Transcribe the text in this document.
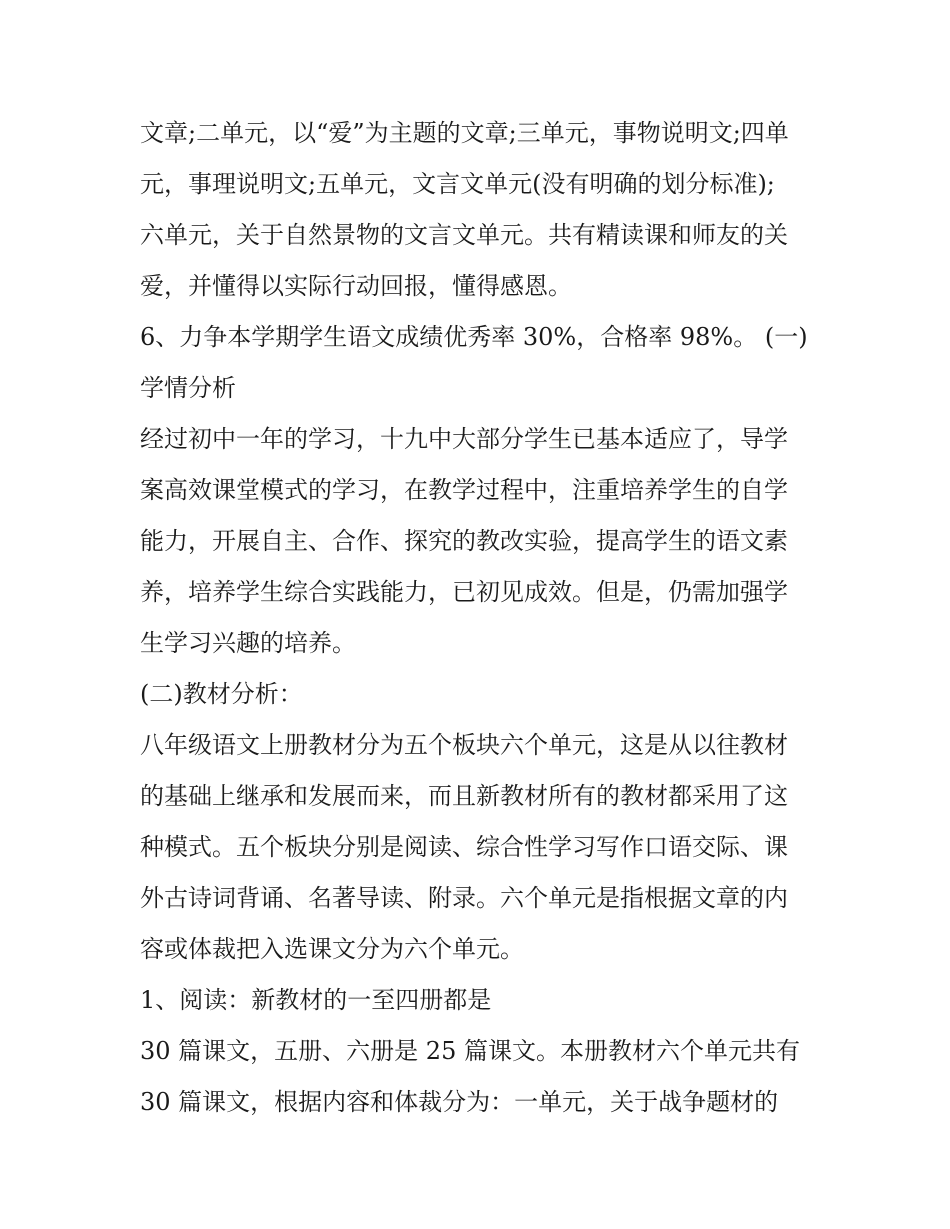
文章;二单元，以“爱”为主题的文章;三单元，事物说明文;四单
元，事理说明文;五单元，文言文单元(没有明确的划分标准);
六单元，关于自然景物的文言文单元。共有精读课和师友的关
爱，并懂得以实际行动回报，懂得感恩。
6、力争本学期学生语文成绩优秀率 30%，合格率 98%。 (一)
学情分析
经过初中一年的学习，十九中大部分学生已基本适应了，导学
案高效课堂模式的学习，在教学过程中，注重培养学生的自学
能力，开展自主、合作、探究的教改实验，提高学生的语文素
养，培养学生综合实践能力，已初见成效。但是，仍需加强学
生学习兴趣的培养。
(二)教材分析：
八年级语文上册教材分为五个板块六个单元，这是从以往教材
的基础上继承和发展而来，而且新教材所有的教材都采用了这
种模式。五个板块分别是阅读、综合性学习写作口语交际、课
外古诗词背诵、名著导读、附录。六个单元是指根据文章的内
容或体裁把入选课文分为六个单元。
1、阅读：新教材的一至四册都是
30 篇课文，五册、六册是 25 篇课文。本册教材六个单元共有
30 篇课文，根据内容和体裁分为：一单元，关于战争题材的
